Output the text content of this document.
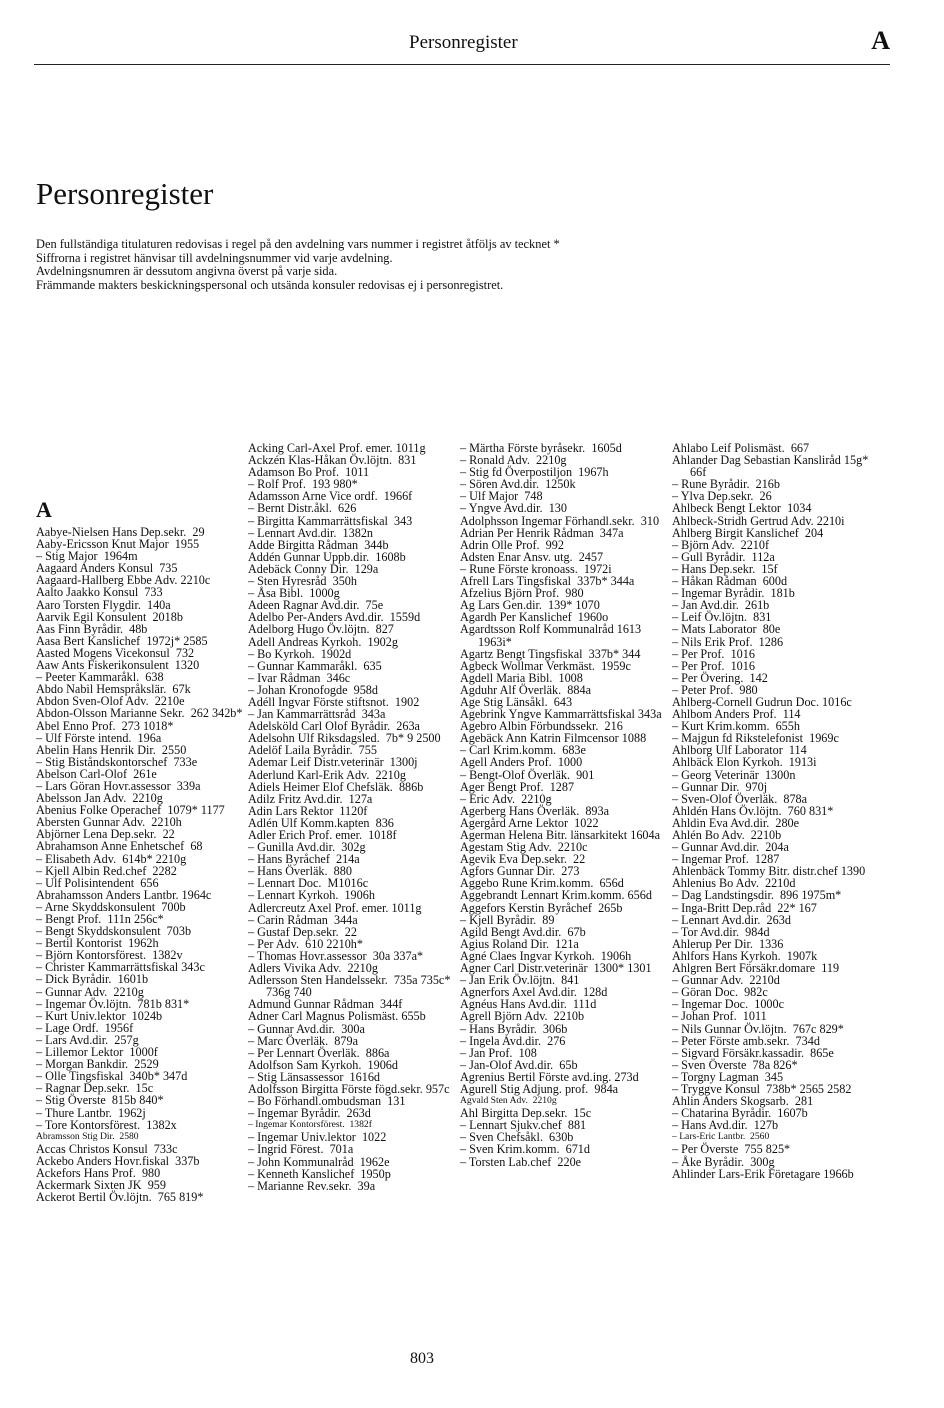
Personregister	A
Personregister
Den fullständiga titulaturen redovisas i regel på den avdelning vars nummer i registret åtföljs av tecknet *
Siffrorna i registret hänvisar till avdelningsnummer vid varje avdelning.
Avdelningsnumren är dessutom angivna överst på varje sida.
Främmande makters beskickningspersonal och utsända konsuler redovisas ej i personregistret.
A
Aabye-Nielsen Hans Dep.sekr.  29
Aaby-Ericsson Knut Major  1955
– Stig Major  1964m
Aagaard Anders Konsul  735
Aagaard-Hallberg Ebbe Adv. 2210c
Aalto Jaakko Konsul  733
Aaro Torsten Flygdir.  140a
Aarvik Egil Konsulent  2018b
Aas Finn Byrådir.  48b
Aasa Bert Kanslichef  1972j* 2585
Aasted Mogens Vicekonsul  732
Aaw Ants Fiskerikonsulent  1320
– Peeter Kammaråkl.  638
Abdo Nabil Hemspråkslär.  67k
Abdon Sven-Olof Adv.  2210e
Abdon-Olsson Marianne Sekr.  262 342b*
Abel Enno Prof.  273 1018*
– Ulf Förste intend.  196a
Abelin Hans Henrik Dir.  2550
– Stig Biståndskontorschef  733e
Abelson Carl-Olof  261e
– Lars Göran Hovr.assessor  339a
Abelsson Jan Adv.  2210g
Abenius Folke Operachef  1079* 1177
Abersten Gunnar Adv.  2210h
Abjörner Lena Dep.sekr.  22
Abrahamson Anne Enhetschef  68
– Elisabeth Adv.  614b* 2210g
– Kjell Albin Red.chef  2282
– Ulf Polisintendent  656
Abrahamsson Anders Lantbr. 1964c
– Arne Skyddskonsulent  700b
– Bengt Prof.  111n 256c*
– Bengt Skyddskonsulent  703b
– Bertil Kontorist  1962h
– Björn Kontorsförest.  1382v
– Christer Kammarrättsfiskal 343c
– Dick Byrådir.  1601b
– Gunnar Adv.  2210g
– Ingemar Öv.löjtn.  781b 831*
– Kurt Univ.lektor  1024b
– Lage Ordf.  1956f
– Lars Avd.dir.  257g
– Lillemor Lektor  1000f
– Morgan Bankdir.  2529
– Olle Tingsfiskal  340b* 347d
– Ragnar Dep.sekr.  15c
– Stig Överste  815b 840*
– Thure Lantbr.  1962j
– Tore Kontorsförest.  1382x
Abramsson Stig Dir.  2580
Accas Christos Konsul  733c
Ackebo Anders Hovr.fiskal  337b
Ackefors Hans Prof.  980
Ackermark Sixten JK  959
Ackerot Bertil Öv.löjtn.  765 819*
Acking Carl-Axel Prof. emer. 1011g
Ackzén Klas-Håkan Öv.löjtn.  831
Adamson Bo Prof.  1011
– Rolf Prof.  193 980*
Adamsson Arne Vice ordf.  1966f
– Bernt Distr.åkl.  626
– Birgitta Kammarrättsfiskal  343
– Lennart Avd.dir.  1382n
Adde Birgitta Rådman  344b
Addén Gunnar Uppb.dir.  1608b
Adebäck Conny Dir.  129a
– Sten Hyresråd  350h
– Åsa Bibl.  1000g
Adeen Ragnar Avd.dir.  75e
Adelbo Per-Anders Avd.dir.  1559d
Adelborg Hugo Öv.löjtn.  827
Adell Andreas Kyrkoh.  1902g
– Bo Kyrkoh.  1902d
– Gunnar Kammaråkl.  635
– Ivar Rådman  346c
– Johan Kronofogde  958d
Adéll Ingvar Förste stiftsnot.  1902
– Jan Kammarrättsråd  343a
Adelsköld Carl Olof Byrådir.  263a
Adelsohn Ulf Riksdagsled.  7b* 9 2500
Adelöf Laila Byrådir.  755
Ademar Leif Distr.veterinär  1300j
Aderlund Karl-Erik Adv.  2210g
Adiels Heimer Elof Chefsläk.  886b
Adilz Fritz Avd.dir.  127a
Adin Lars Rektor  1120f
Adlén Ulf Komm.kapten  836
Adler Erich Prof. emer.  1018f
– Gunilla Avd.dir.  302g
– Hans Byråchef  214a
– Hans Överläk.  880
– Lennart Doc.  M1016c
– Lennart Kyrkoh.  1906h
Adlercreutz Axel Prof. emer. 1011g
– Carin Rådman  344a
– Gustaf Dep.sekr.  22
– Per Adv.  610 2210h*
– Thomas Hovr.assessor  30a 337a*
Adlers Vivika Adv.  2210g
Adlersson Sten Handelssekr.  735a 735c* 736g 740
Admund Gunnar Rådman  344f
Adner Carl Magnus Polismäst. 655b
– Gunnar Avd.dir.  300a
– Marc Överläk.  879a
– Per Lennart Överläk.  886a
Adolfson Sam Kyrkoh.  1906d
– Stig Länsassessor  1616d
Adolfsson Birgitta Förste fögd.sekr. 957c
– Bo Förhandl.ombudsman  131
– Ingemar Byrådir.  263d
– Ingemar Kontorsförest.  1382f
– Ingemar Univ.lektor  1022
– Ingrid Förest.  701a
– John Kommunalråd  1962e
– Kenneth Kanslichef  1950p
– Marianne Rev.sekr.  39a
– Märtha Förste byråsekr.  1605d
– Ronald Adv.  2210g
– Stig fd Överpostiljon  1967h
– Sören Avd.dir.  1250k
– Ulf Major  748
– Yngve Avd.dir.  130
Adolphsson Ingemar Förhandl.sekr.  310
Adrian Per Henrik Rådman  347a
Adrin Olle Prof.  992
Adsten Enar Ansv. utg.  2457
– Rune Förste kronoass.  1972i
Afrell Lars Tingsfiskal  337b* 344a
Afzelius Björn Prof.  980
Ag Lars Gen.dir.  139* 1070
Agardh Per Kanslichef  1960o
Agardtsson Rolf Kommunalråd 1613 1963i*
Agartz Bengt Tingsfiskal  337b* 344
Agbeck Wollmar Verkmäst.  1959c
Agdell Maria Bibl.  1008
Agduhr Alf Överläk.  884a
Age Stig Länsåkl.  643
Agebrink Yngve Kammarrättsfiskal 343a
Agebro Albin Förbundssekr.  216
Agebäck Ann Katrin Filmcensor 1088
– Carl Krim.komm.  683e
Agell Anders Prof.  1000
– Bengt-Olof Överläk.  901
Ager Bengt Prof.  1287
– Eric Adv.  2210g
Agerberg Hans Överläk.  893a
Agergård Arne Lektor  1022
Agerman Helena Bitr. länsarkitekt 1604a
Agestam Stig Adv.  2210c
Agevik Eva Dep.sekr.  22
Agfors Gunnar Dir.  273
Aggebo Rune Krim.komm.  656d
Aggebrandt Lennart Krim.komm. 656d
Aggefors Kerstin Byråchef  265b
– Kjell Byrådir.  89
Agild Bengt Avd.dir.  67b
Agius Roland Dir.  121a
Agné Claes Ingvar Kyrkoh.  1906h
Agner Carl Distr.veterinär  1300* 1301
– Jan Erik Öv.löjtn.  841
Agnerfors Axel Avd.dir.  128d
Agnéus Hans Avd.dir.  111d
Agrell Björn Adv.  2210b
– Hans Byrådir.  306b
– Ingela Avd.dir.  276
– Jan Prof.  108
– Jan-Olof Avd.dir.  65b
Agrenius Bertil Förste avd.ing. 273d
Agurell Stig Adjung. prof.  984a
Agvald Sten Adv.  2210g
Ahl Birgitta Dep.sekr.  15c
– Lennart Sjukv.chef  881
– Sven Chefsåkl.  630b
– Sven Krim.komm.  671d
– Torsten Lab.chef  220e
Ahlabo Leif Polismäst.  667
Ahlander Dag Sebastian Kansliråd 15g* 66f
– Rune Byrådir.  216b
– Ylva Dep.sekr.  26
Ahlbeck Bengt Lektor  1034
Ahlbeck-Stridh Gertrud Adv. 2210i
Ahlberg Birgit Kanslichef  204
– Björn Adv.  2210f
– Gull Byrådir.  112a
– Hans Dep.sekr.  15f
– Håkan Rådman  600d
– Ingemar Byrådir.  181b
– Jan Avd.dir.  261b
– Leif Öv.löjtn.  831
– Mats Laborator  80e
– Nils Erik Prof.  1286
– Per Prof.  1016
– Per Prof.  1016
– Per Övering.  142
– Peter Prof.  980
Ahlberg-Cornell Gudrun Doc. 1016c
Ahlbom Anders Prof.  114
– Kurt Krim.komm.  655h
– Majgun fd Rikstelefonist  1969c
Ahlborg Ulf Laborator  114
Ahlbäck Elon Kyrkoh.  1913i
– Georg Veterinär  1300n
– Gunnar Dir.  970j
– Sven-Olof Överläk.  878a
Ahldén Hans Öv.löjtn.  760 831*
Ahldin Eva Avd.dir.  280e
Ahlén Bo Adv.  2210b
– Gunnar Avd.dir.  204a
– Ingemar Prof.  1287
Ahlenbäck Tommy Bitr. distr.chef 1390
Ahlenius Bo Adv.  2210d
– Dag Landstingsdir.  896 1975m*
– Inga-Britt Dep.råd  22* 167
– Lennart Avd.dir.  263d
– Tor Avd.dir.  984d
Ahlerup Per Dir.  1336
Ahlfors Hans Kyrkoh.  1907k
Ahlgren Bert Försäkr.domare  119
– Gunnar Adv.  2210d
– Göran Doc.  982c
– Ingemar Doc.  1000c
– Johan Prof.  1011
– Nils Gunnar Öv.löjtn.  767c 829*
– Peter Förste amb.sekr.  734d
– Sigvard Försäkr.kassadir.  865e
– Sven Överste  78a 826*
– Torgny Lagman  345
– Tryggve Konsul  738b* 2565 2582
Ahlin Anders Skogsarb.  281
– Chatarina Byrådir.  1607b
– Hans Avd.dir.  127b
– Lars-Eric Lantbr.  2560
– Per Överste  755 825*
– Åke Byrådir.  300g
Ahlinder Lars-Erik Företagare 1966b
803
